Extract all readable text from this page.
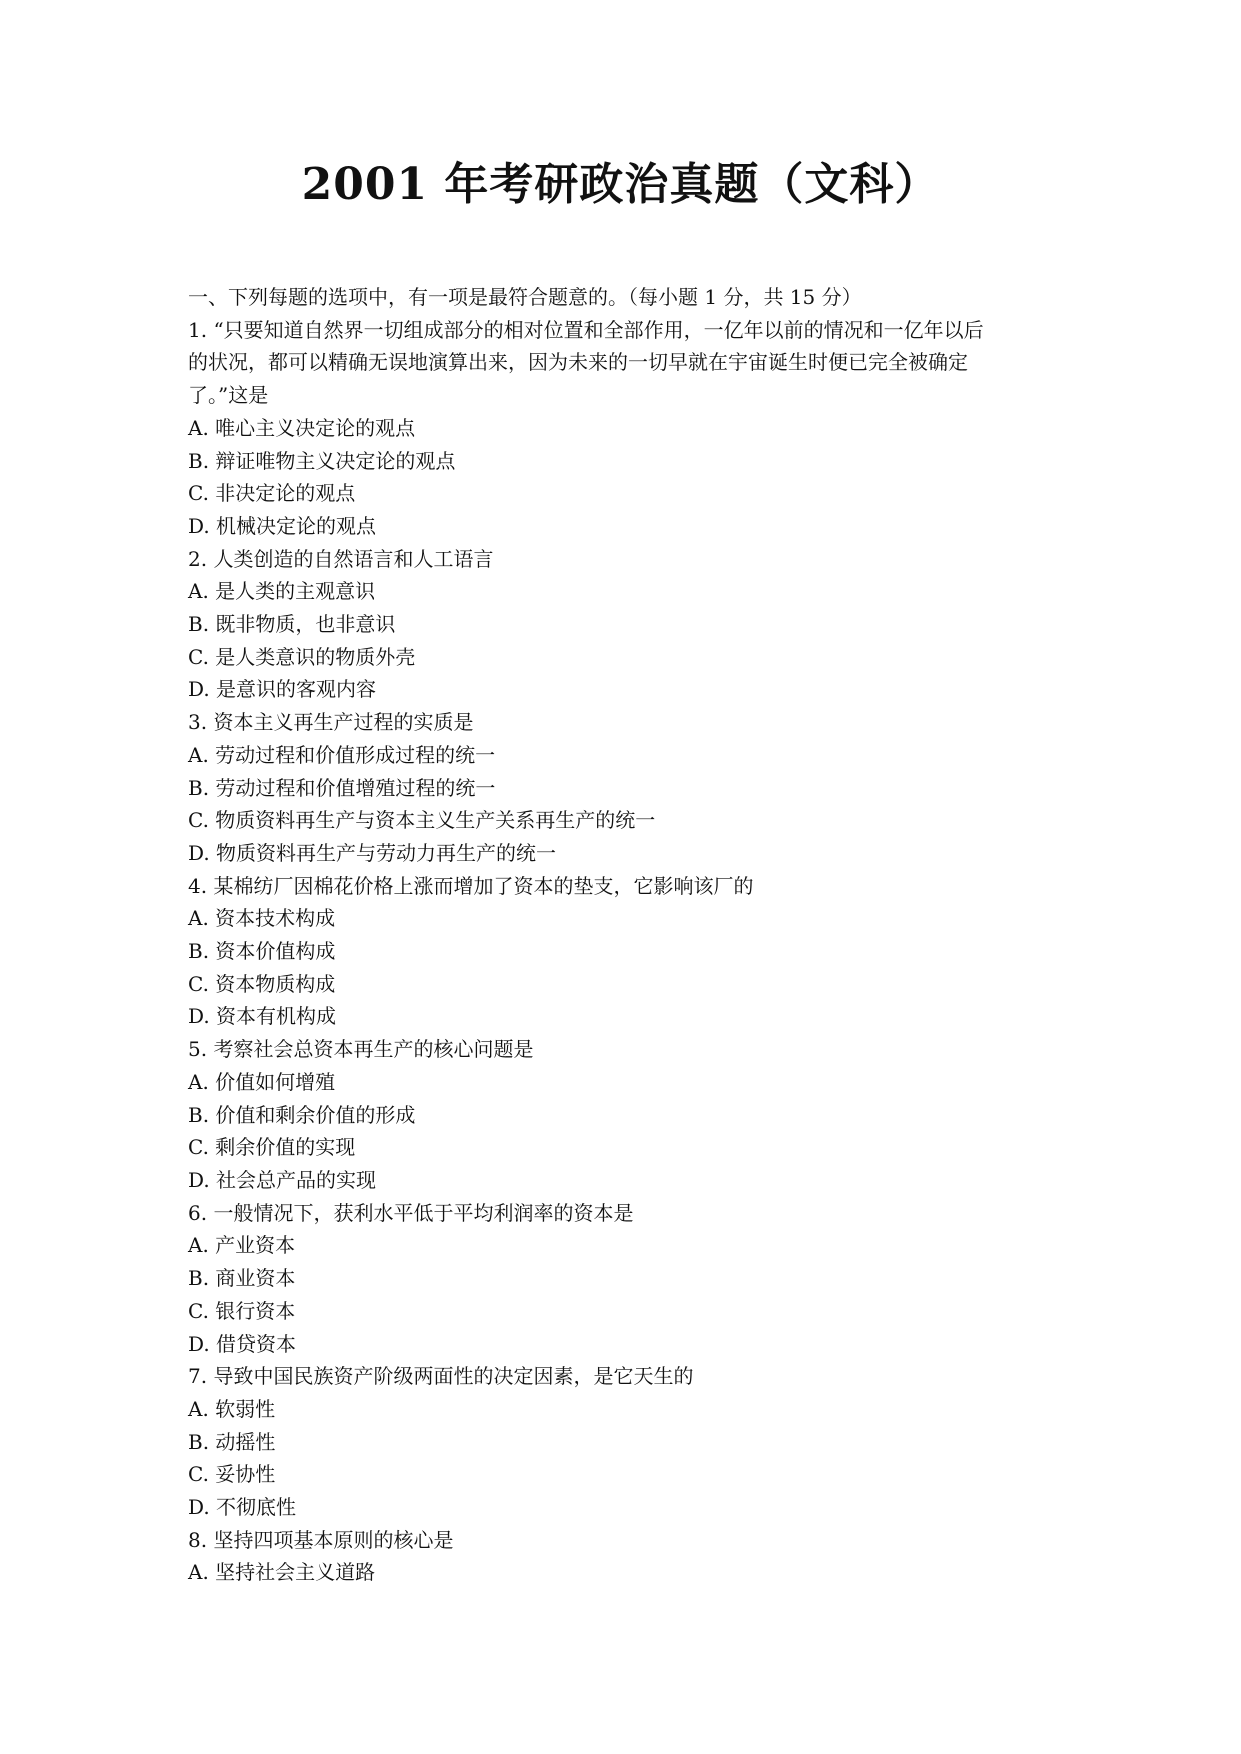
2001 年考研政治真题（文科）
一、下列每题的选项中，有一项是最符合题意的。（每小题 1 分，共 15 分）
1. “只要知道自然界一切组成部分的相对位置和全部作用，一亿年以前的情况和一亿年以后
的状况，都可以精确无误地演算出来，因为未来的一切早就在宇宙诞生时便已完全被确定
了。”这是
A. 唯心主义决定论的观点
B. 辩证唯物主义决定论的观点
C. 非决定论的观点
D. 机械决定论的观点
2. 人类创造的自然语言和人工语言
A. 是人类的主观意识
B. 既非物质，也非意识
C. 是人类意识的物质外壳
D. 是意识的客观内容
3. 资本主义再生产过程的实质是
A. 劳动过程和价值形成过程的统一
B. 劳动过程和价值增殖过程的统一
C. 物质资料再生产与资本主义生产关系再生产的统一
D. 物质资料再生产与劳动力再生产的统一
4. 某棉纺厂因棉花价格上涨而增加了资本的垫支，它影响该厂的
A. 资本技术构成
B. 资本价值构成
C. 资本物质构成
D. 资本有机构成
5. 考察社会总资本再生产的核心问题是
A. 价值如何增殖
B. 价值和剩余价值的形成
C. 剩余价值的实现
D. 社会总产品的实现
6. 一般情况下，获利水平低于平均利润率的资本是
A. 产业资本
B. 商业资本
C. 银行资本
D. 借贷资本
7. 导致中国民族资产阶级两面性的决定因素，是它天生的
A. 软弱性
B. 动摇性
C. 妥协性
D. 不彻底性
8. 坚持四项基本原则的核心是
A. 坚持社会主义道路
